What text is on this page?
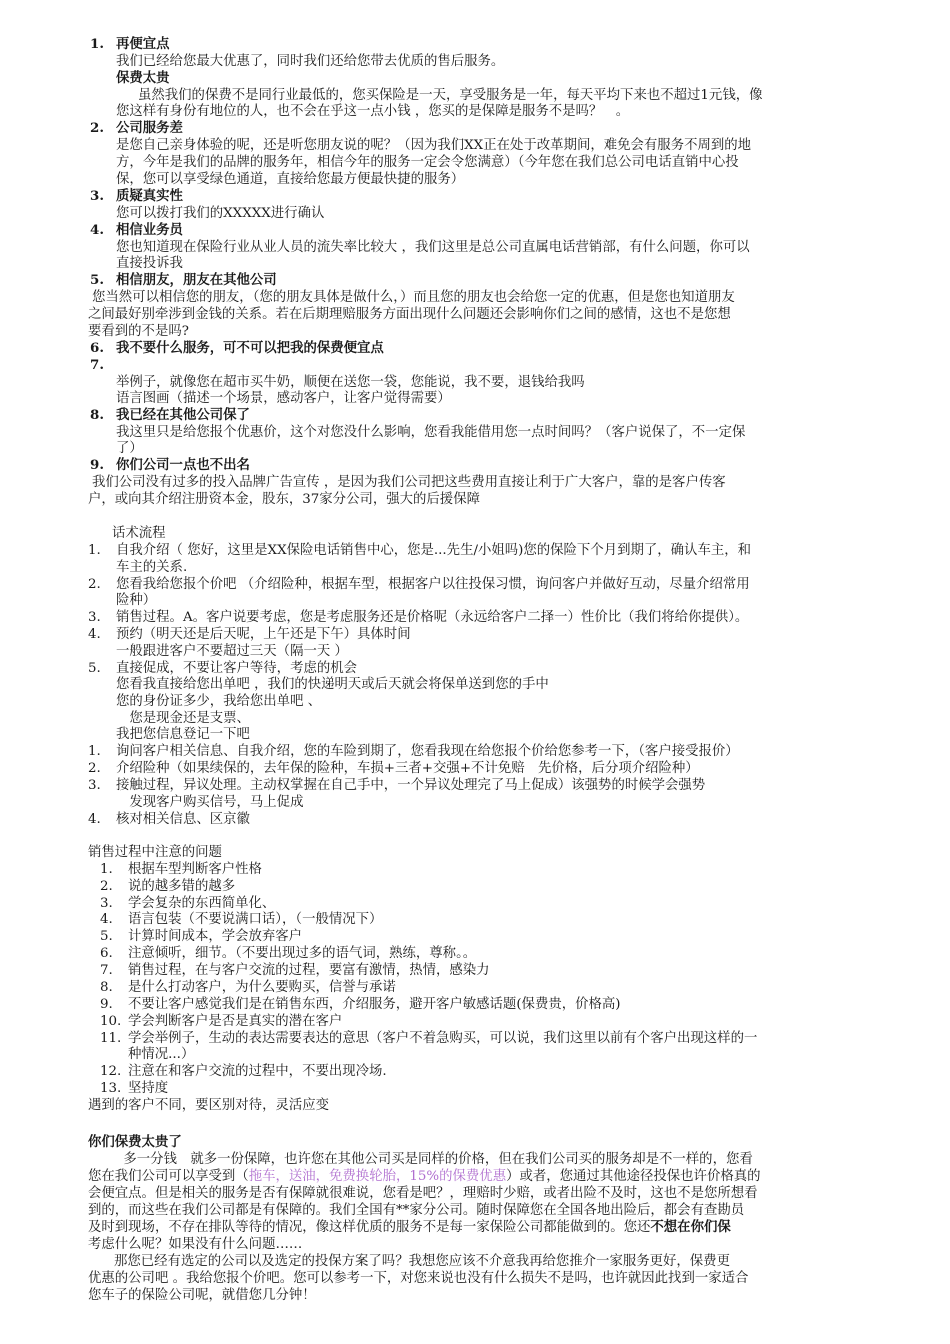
1. 再便宜点
我们已经给您最大优惠了，同时我们还给您带去优质的售后服务。
保费太贵
虽然我们的保费不是同行业最低的，您买保险是一天，享受服务是一年，每天平均下来也不超过1元钱，像
您这样有身份有地位的人，也不会在乎这一点小钱 ，您买的是保障是服务不是吗？　。
2. 公司服务差
是您自己亲身体验的呢，还是听您朋友说的呢？（因为我们XX正在处于改革期间，难免会有服务不周到的地
方，今年是我们的品牌的服务年，相信今年的服务一定会令您满意）（今年您在我们总公司电话直销中心投
保，您可以享受绿色通道，直接给您最方便最快捷的服务）
3. 质疑真实性
您可以拨打我们的XXXXX进行确认
4. 相信业务员
您也知道现在保险行业从业人员的流失率比较大 ，我们这里是总公司直属电话营销部，有什么问题，你可以
直接投诉我
5. 相信朋友，朋友在其他公司
您当然可以相信您的朋友，（您的朋友具体是做什么，）而且您的朋友也会给您一定的优惠，但是您也知道朋友
之间最好别牵涉到金钱的关系。若在后期理赔服务方面出现什么问题还会影响你们之间的感情，这也不是您想
要看到的不是吗?
6. 我不要什么服务，可不可以把我的保费便宜点
7.
举例子，就像您在超市买牛奶，顺便在送您一袋，您能说，我不要，退钱给我吗
语言图画（描述一个场景，感动客户，让客户觉得需要）
8. 我已经在其他公司保了
我这里只是给您报个优惠价，这个对您没什么影响，您看我能借用您一点时间吗？（客户说保了，不一定保
了）
9. 你们公司一点也不出名
我们公司没有过多的投入品牌广告宣传 ，是因为我们公司把这些费用直接让利于广大客户，靠的是客户传客
户，或向其介绍注册资本金，股东，37家分公司，强大的后援保障
话术流程
1. 自我介绍（ 您好，这里是XX保险电话销售中心，您是...先生/小姐吗)您的保险下个月到期了，确认车主，和
车主的关系.
2. 您看我给您报个价吧 （介绍险种，根据车型，根据客户以往投保习惯，询问客户并做好互动，尽量介绍常用
险种）
3. 销售过程。A。客户说要考虑，您是考虑服务还是价格呢（永远给客户二择一）性价比（我们将给你提供）。
4. 预约（明天还是后天呢，上午还是下午）具体时间
一般跟进客户不要超过三天（隔一天 ）
5. 直接促成，不要让客户等待，考虑的机会
您看我直接给您出单吧 ，我们的快递明天或后天就会将保单送到您的手中
您的身份证多少，我给您出单吧 、
　您是现金还是支票、
我把您信息登记一下吧
1. 询问客户相关信息、自我介绍，您的车险到期了，您看我现在给您报个价给您参考一下，（客户接受报价）
2. 介绍险种（如果续保的，去年保的险种，车损+三者+交强+不计免赔　先价格，后分项介绍险种）
3. 接触过程，异议处理。主动权掌握在自己手中，一个异议处理完了马上促成）该强势的时候学会强势
　发现客户购买信号，马上促成
4. 核对相关信息、区京徽
销售过程中注意的问题
1. 根据车型判断客户性格
2. 说的越多错的越多
3. 学会复杂的东西简单化、
4. 语言包装（不要说满口话），（一般情况下）
5. 计算时间成本，学会放弃客户
6. 注意倾听，细节。（不要出现过多的语气词，熟练，尊称。。
7. 销售过程，在与客户交流的过程，要富有激情，热情，感染力
8. 是什么打动客户，为什么要购买，信誉与承诺
9. 不要让客户感觉我们是在销售东西，介绍服务，避开客户敏感话题(保费贵，价格高)
10. 学会判断客户是否是真实的潜在客户
11. 学会举例子，生动的表达需要表达的意思（客户不着急购买，可以说，我们这里以前有个客户出现这样的一
种情况...）
12. 注意在和客户交流的过程中，不要出现冷场.
13. 坚持度
遇到的客户不同，要区别对待，灵活应变
你们保费太贵了
　多一分钱　就多一份保障，也许您在其他公司买是同样的价格，但在我们公司买的服务却是不一样的，您看
您在我们公司可以享受到（拖车，送油，免费换轮胎，15%的保费优惠）或者，您通过其他途径投保也许价格真的
会便宜点。但是相关的服务是否有保障就很难说，您看是吧？，理赔时少赔，或者出险不及时，这也不是您所想看
到的，而这些在我们公司都是有保障的。我们全国有**家分公司。随时保障您在全国各地出险后，都会有查勘员
及时到现场，不存在排队等待的情况，像这样优质的服务不是每一家保险公司都能做到的。您还不想在你们保
考虑什么呢？如果没有什么问题……
那您已经有选定的公司以及选定的投保方案了吗？我想您应该不介意我再给您推介一家服务更好，保费更
优惠的公司吧 。我给您报个价吧。您可以参考一下，对您来说也没有什么损失不是吗，也许就因此找到一家适合
您车子的保险公司呢，就借您几分钟！
